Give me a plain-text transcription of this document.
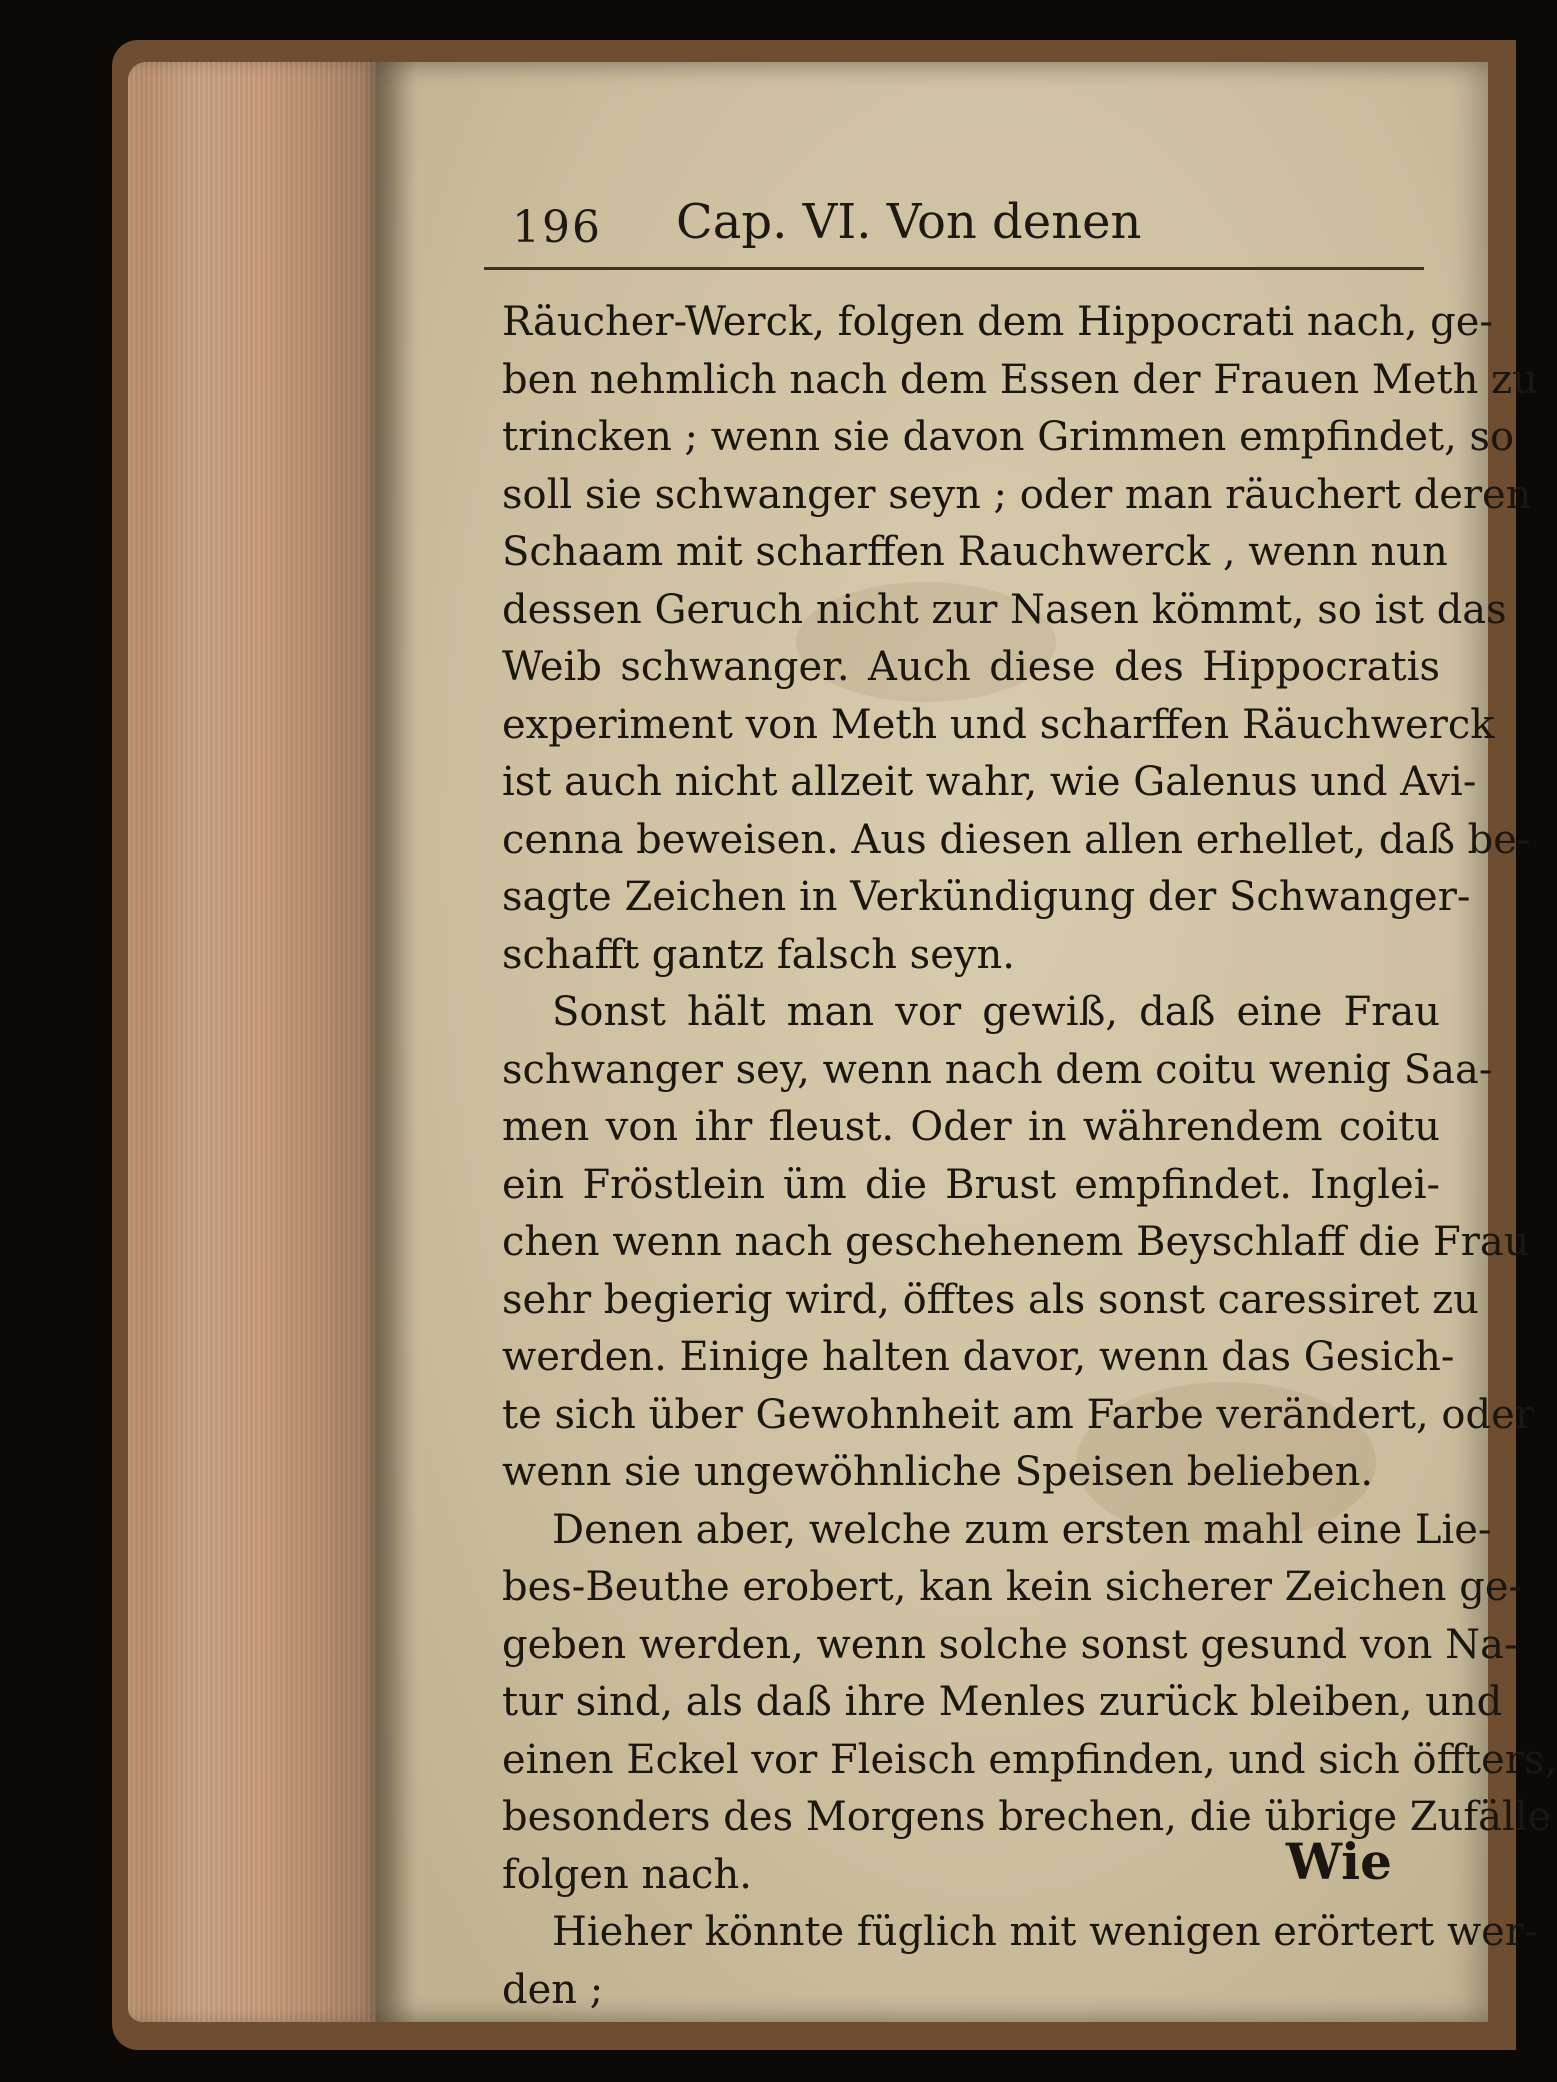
196 Cap. VI. Von denen
Räucher-Werck, folgen dem Hippocrati nach, ge-
ben nehmlich nach dem Essen der Frauen Meth zu
trincken ; wenn sie davon Grimmen empfindet, so
soll sie schwanger seyn ; oder man räuchert deren
Schaam mit scharffen Rauchwerck , wenn nun
dessen Geruch nicht zur Nasen kömmt, so ist das
Weib schwanger. Auch diese des Hippocratis
experiment von Meth und scharffen Räuchwerck
ist auch nicht allzeit wahr, wie Galenus und Avi-
cenna beweisen. Aus diesen allen erhellet, daß be-
sagte Zeichen in Verkündigung der Schwanger-
schafft gantz falsch seyn.
Sonst hält man vor gewiß, daß eine Frau
schwanger sey, wenn nach dem coitu wenig Saa-
men von ihr fleust. Oder in währendem coitu
ein Fröstlein üm die Brust empfindet. Inglei-
chen wenn nach geschehenem Beyschlaff die Frau
sehr begierig wird, öfftes als sonst caressiret zu
werden. Einige halten davor, wenn das Gesich-
te sich über Gewohnheit am Farbe verändert, oder
wenn sie ungewöhnliche Speisen belieben.
Denen aber, welche zum ersten mahl eine Lie-
bes-Beuthe erobert, kan kein sicherer Zeichen ge-
geben werden, wenn solche sonst gesund von Na-
tur sind, als daß ihre Menles zurück bleiben, und
einen Eckel vor Fleisch empfinden, und sich öffters,
besonders des Morgens brechen, die übrige Zufälle
folgen nach.
Hieher könnte füglich mit wenigen erörtert wer-
den ;
Wie
